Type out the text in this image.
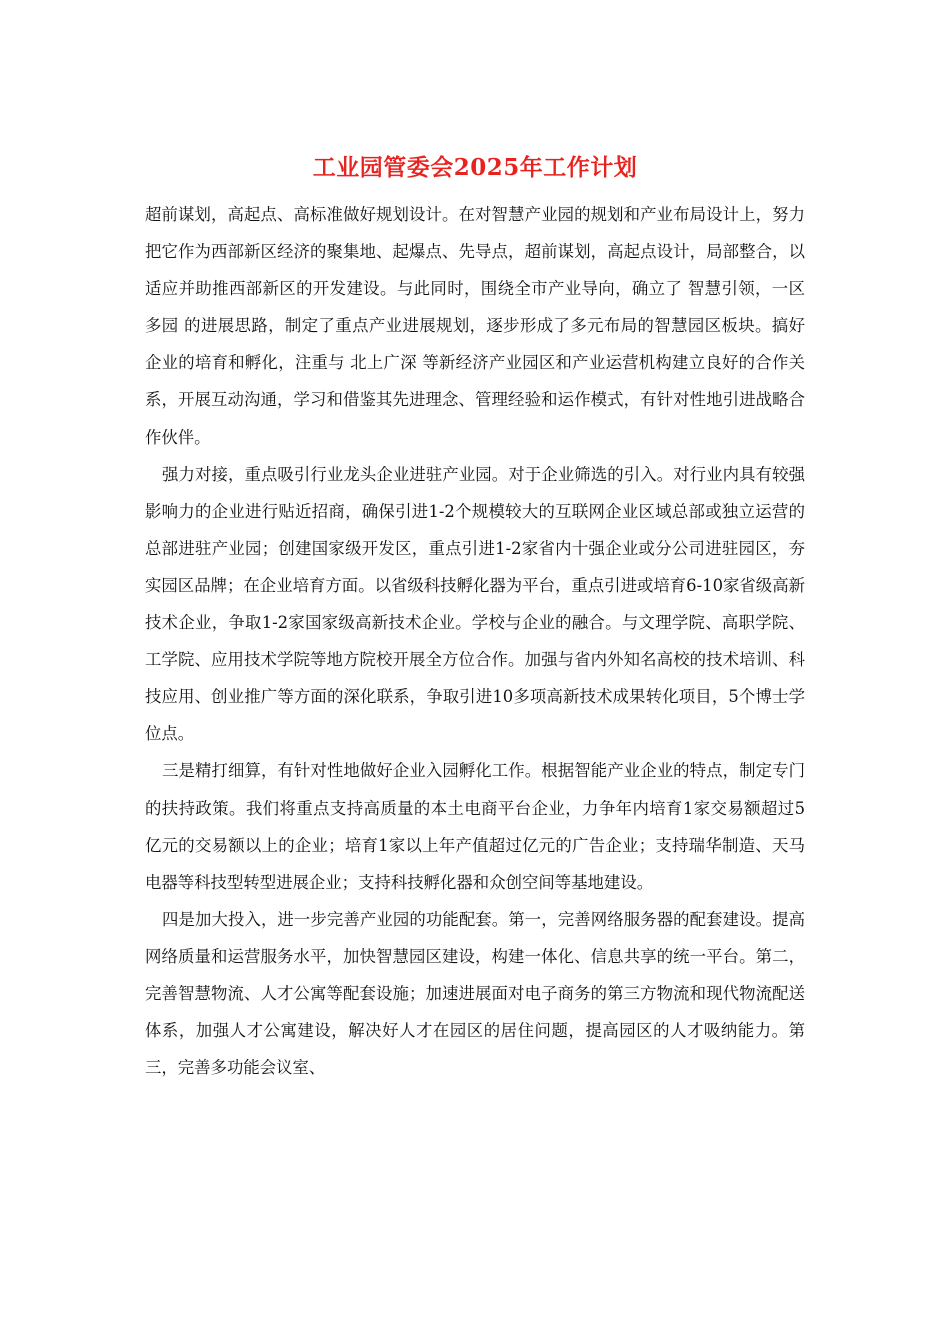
工业园管委会2025年工作计划

超前谋划，高起点、高标准做好规划设计。在对智慧产业园的规划和产业布局设计上，努力把它作为西部新区经济的聚集地、起爆点、先导点，超前谋划，高起点设计，局部整合，以适应并助推西部新区的开发建设。与此同时，围绕全市产业导向，确立了 智慧引领，一区多园 的进展思路，制定了重点产业进展规划，逐步形成了多元布局的智慧园区板块。搞好企业的培育和孵化，注重与 北上广深 等新经济产业园区和产业运营机构建立良好的合作关系，开展互动沟通，学习和借鉴其先进理念、管理经验和运作模式，有针对性地引进战略合作伙伴。

强力对接，重点吸引行业龙头企业进驻产业园。对于企业筛选的引入。对行业内具有较强影响力的企业进行贴近招商，确保引进1-2个规模较大的互联网企业区域总部或独立运营的总部进驻产业园；创建国家级开发区，重点引进1-2家省内十强企业或分公司进驻园区，夯实园区品牌；在企业培育方面。以省级科技孵化器为平台，重点引进或培育6-10家省级高新技术企业，争取1-2家国家级高新技术企业。学校与企业的融合。与文理学院、高职学院、工学院、应用技术学院等地方院校开展全方位合作。加强与省内外知名高校的技术培训、科技应用、创业推广等方面的深化联系，争取引进10多项高新技术成果转化项目，5个博士学位点。

三是精打细算，有针对性地做好企业入园孵化工作。根据智能产业企业的特点，制定专门的扶持政策。我们将重点支持高质量的本土电商平台企业，力争年内培育1家交易额超过5亿元的交易额以上的企业；培育1家以上年产值超过亿元的广告企业；支持瑞华制造、天马电器等科技型转型进展企业；支持科技孵化器和众创空间等基地建设。

四是加大投入，进一步完善产业园的功能配套。第一，完善网络服务器的配套建设。提高网络质量和运营服务水平，加快智慧园区建设，构建一体化、信息共享的统一平台。第二，完善智慧物流、人才公寓等配套设施；加速进展面对电子商务的第三方物流和现代物流配送体系，加强人才公寓建设，解决好人才在园区的居住问题，提高园区的人才吸纳能力。第三，完善多功能会议室、
